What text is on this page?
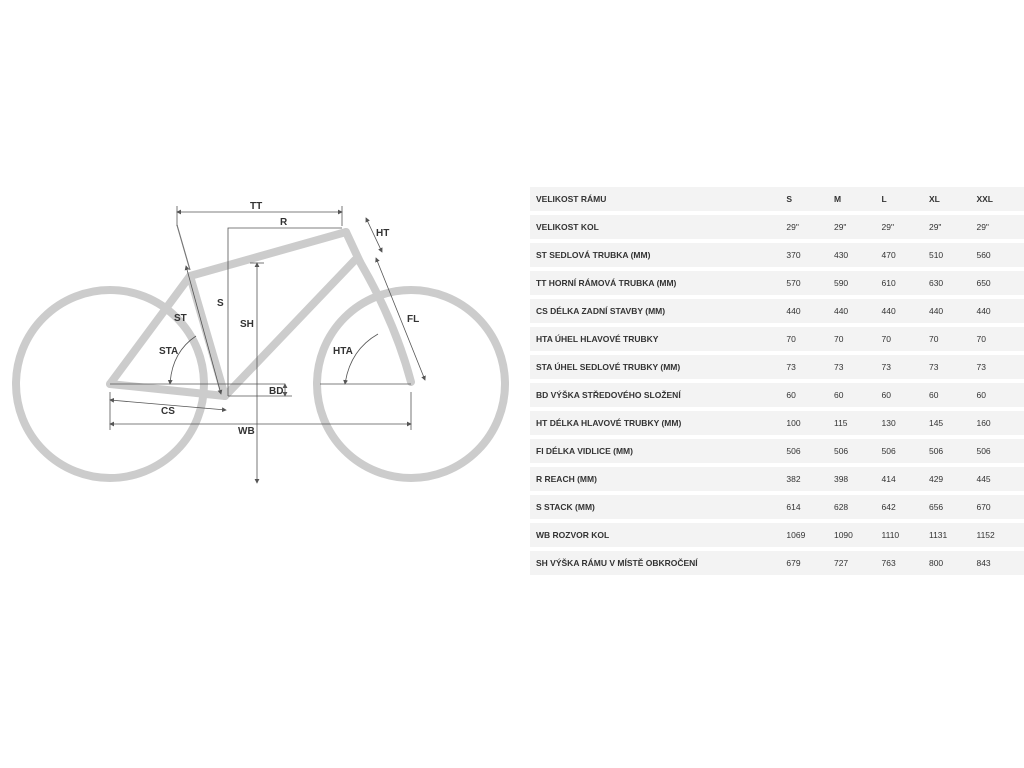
TT
R
HT
S
SH
ST
STA
FL
HTA
BD
CS
WB
VELIKOST RÁMU	S	M	L	XL	XXL
VELIKOST KOL	29"	29"	29"	29"	29"
ST SEDLOVÁ TRUBKA (MM)	370	430	470	510	560
TT HORNÍ RÁMOVÁ TRUBKA (MM)	570	590	610	630	650
CS DÉLKA ZADNÍ STAVBY (MM)	440	440	440	440	440
HTA ÚHEL HLAVOVÉ TRUBKY	70	70	70	70	70
STA ÚHEL SEDLOVÉ TRUBKY (MM)	73	73	73	73	73
BD VÝŠKA STŘEDOVÉHO SLOŽENÍ	60	60	60	60	60
HT DÉLKA HLAVOVÉ TRUBKY (MM)	100	115	130	145	160
FI DÉLKA VIDLICE (MM)	506	506	506	506	506
R REACH (MM)	382	398	414	429	445
S STACK (MM)	614	628	642	656	670
WB ROZVOR KOL	1069	1090	1110	1131	1152
SH VÝŠKA RÁMU V MÍSTĚ OBKROČENÍ	679	727	763	800	843
